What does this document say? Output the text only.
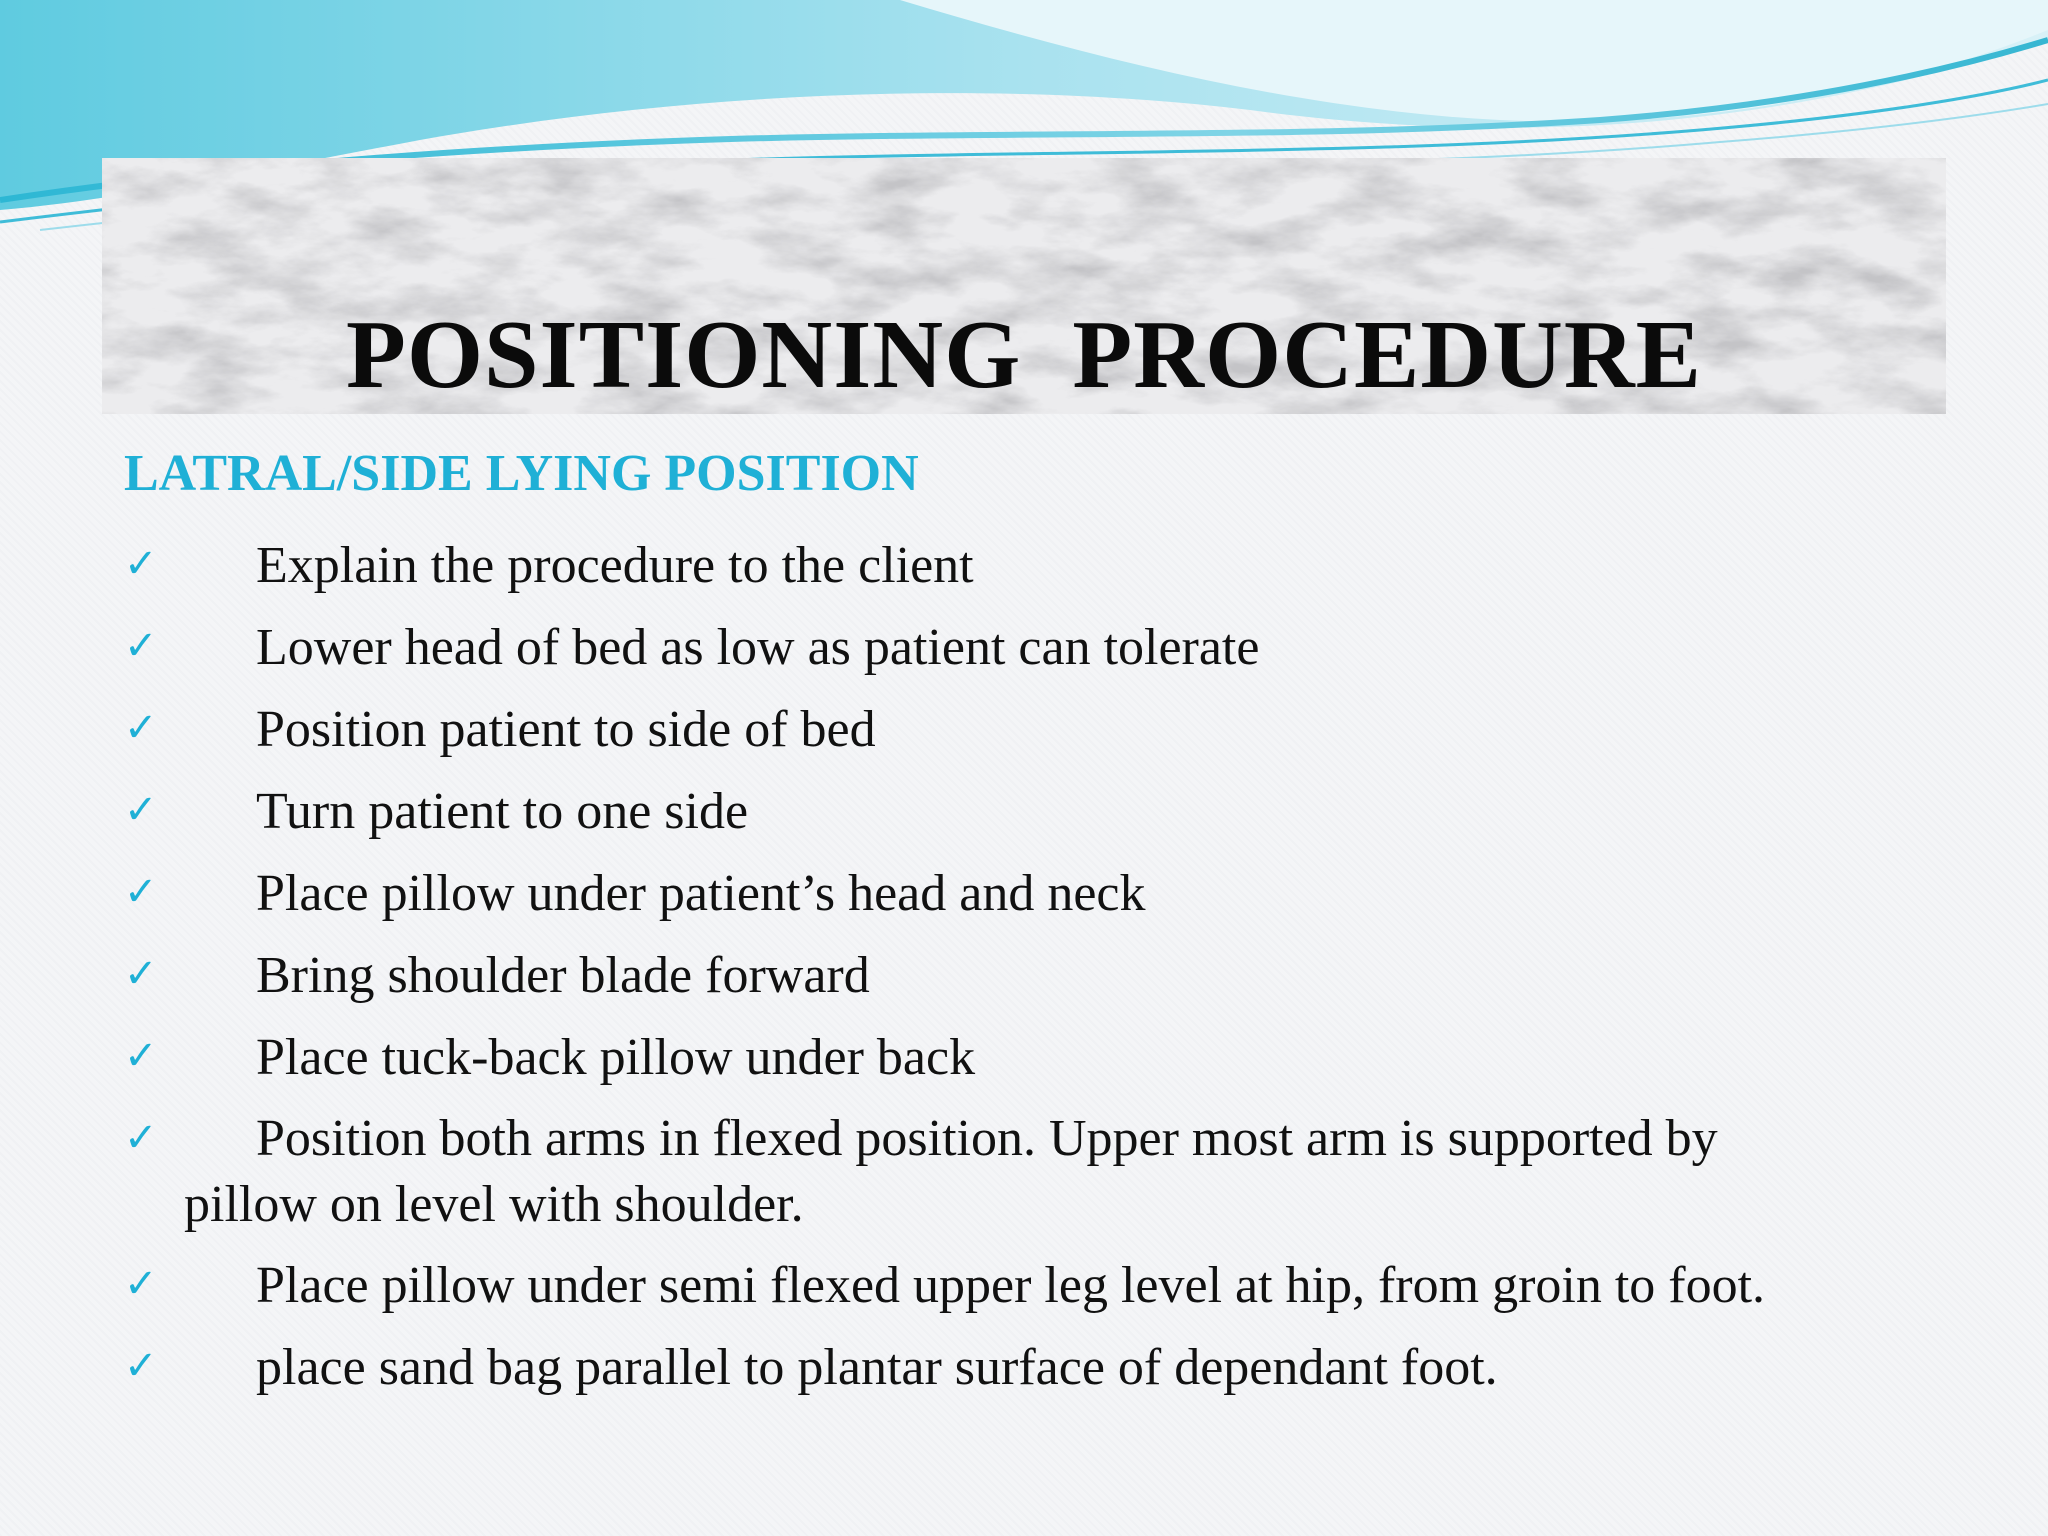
POSITIONING  PROCEDURE
LATRAL/SIDE LYING POSITION
✓ Explain the procedure to the client
✓ Lower head of bed as low as patient can tolerate
✓ Position patient to side of bed
✓ Turn patient to one side
✓ Place pillow under patient’s head and neck
✓ Bring shoulder blade forward
✓ Place tuck-back pillow under back
✓ Position both arms in flexed position. Upper most arm is supported by
pillow on level with shoulder.
✓ Place pillow under semi flexed upper leg level at hip, from groin to foot.
✓ place sand bag parallel to plantar surface of dependant foot.
